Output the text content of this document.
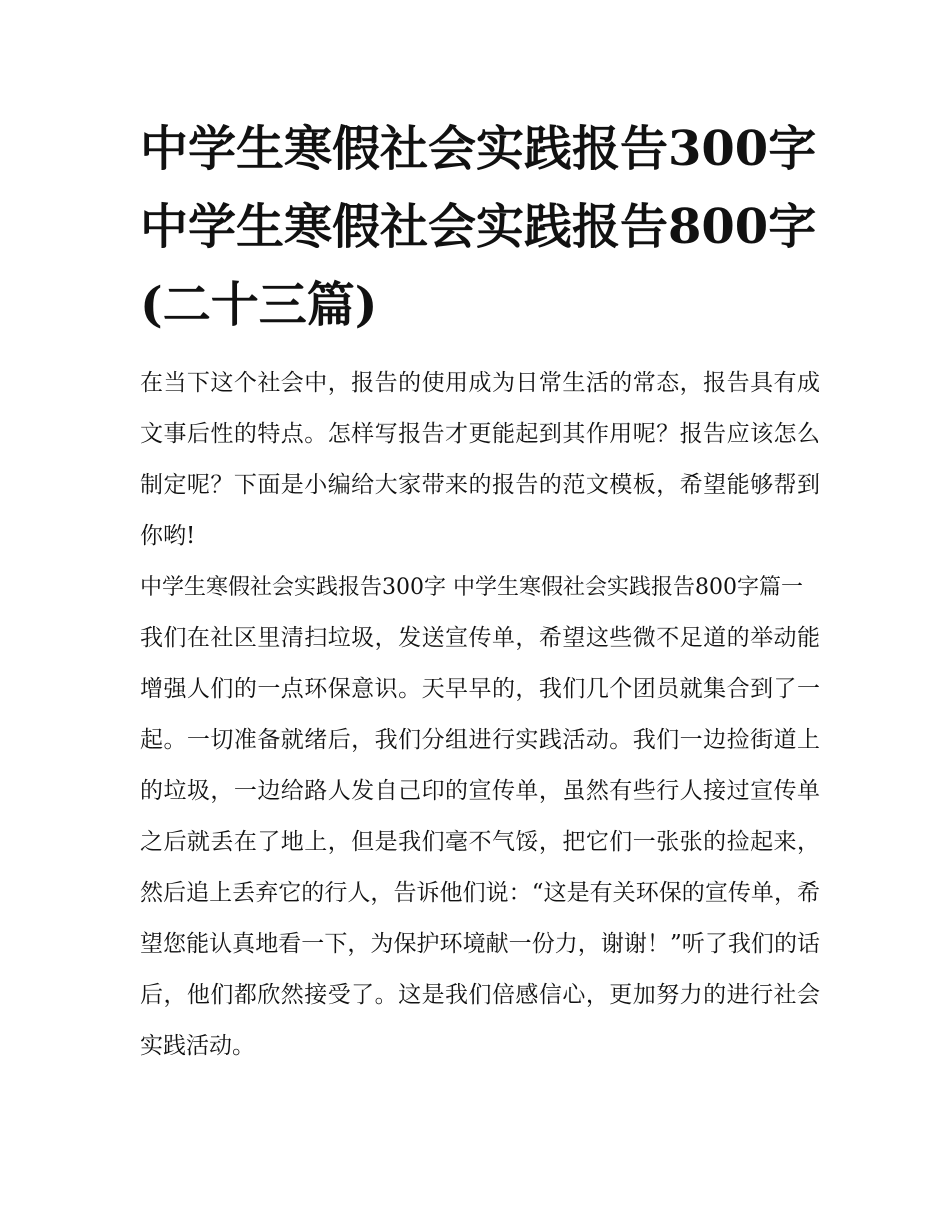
中学生寒假社会实践报告300字 中学生寒假社会实践报告800字(二十三篇)

在当下这个社会中，报告的使用成为日常生活的常态，报告具有成文事后性的特点。怎样写报告才更能起到其作用呢？报告应该怎么制定呢？下面是小编给大家带来的报告的范文模板，希望能够帮到你哟!

中学生寒假社会实践报告300字 中学生寒假社会实践报告800字篇一

我们在社区里清扫垃圾，发送宣传单，希望这些微不足道的举动能增强人们的一点环保意识。天早早的，我们几个团员就集合到了一起。一切准备就绪后，我们分组进行实践活动。我们一边捡街道上的垃圾，一边给路人发自己印的宣传单，虽然有些行人接过宣传单之后就丢在了地上，但是我们毫不气馁，把它们一张张的捡起来，然后追上丢弃它的行人，告诉他们说：“这是有关环保的宣传单，希望您能认真地看一下，为保护环境献一份力，谢谢！”听了我们的话后，他们都欣然接受了。这是我们倍感信心，更加努力的进行社会实践活动。
